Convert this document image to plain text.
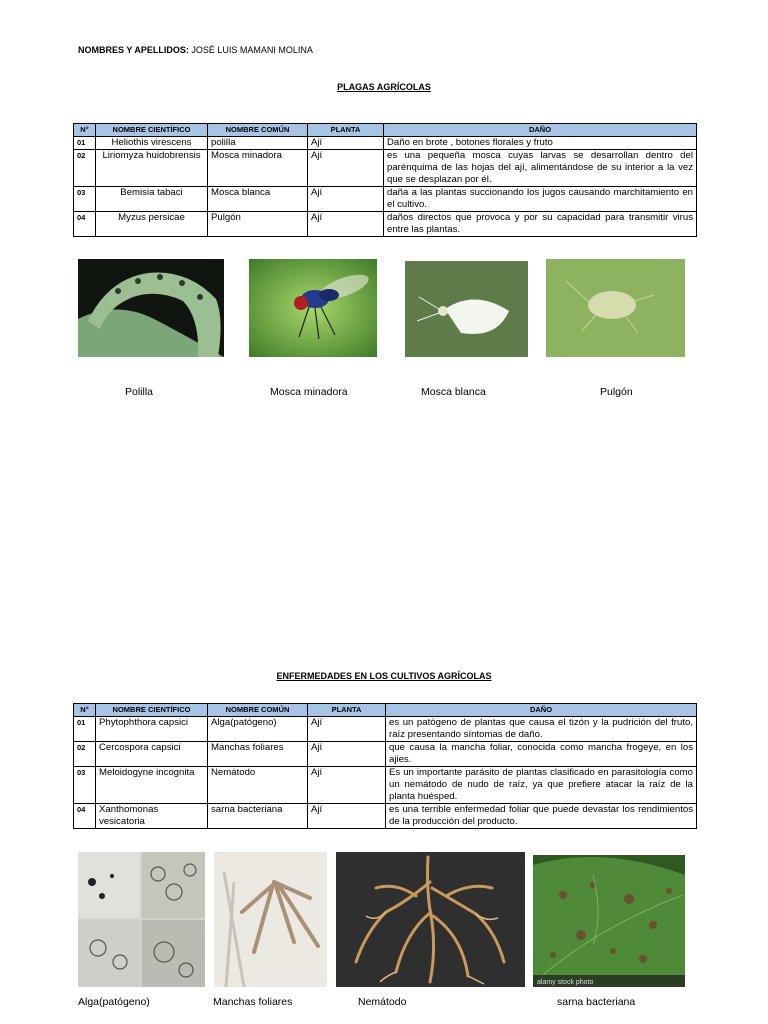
NOMBRES Y APELLIDOS: JOSÉ LUIS MAMANI MOLINA
PLAGAS AGRÍCOLAS
N°	NOMBRE CIENTÍFICO	NOMBRE COMÚN	PLANTA	DAÑO
01	Heliothis virescens	polilla	Ají	Daño en brote , botones florales y fruto
02	Liriomyza huidobrensis	Mosca minadora	Ají	es una pequeña mosca cuyas larvas se desarrollan dentro del parénquima de las hojas del ají, alimentándose de su interior a la vez que se desplazan por él.
03	Bemisia tabaci	Mosca blanca	Ají	daña a las plantas succionando los jugos causando marchitamiento en el cultivo.
04	Myzus persicae	Pulgón	Ají	daños directos que provoca y por su capacidad para transmitir virus entre las plantas.
Polilla	Mosca minadora	Mosca blanca	Pulgón
ENFERMEDADES EN LOS CULTIVOS AGRÍCOLAS
N°	NOMBRE CIENTÍFICO	NOMBRE COMÚN	PLANTA	DAÑO
01	Phytophthora capsici	Alga(patógeno)	Ají	es un patógeno de plantas que causa el tizón y la pudrición del fruto, raíz presentando síntomas de daño.
02	Cercospora capsici	Manchas foliares	Ají	que causa la mancha foliar, conocida como mancha frogeye, en los ajies.
03	Meloidogyne incognita	Nemátodo	Ají	Es un importante parásito de plantas clasificado en parasitología como un nemátodo de nudo de raíz, ya que prefiere atacar la raíz de la planta huésped.
04	Xanthomonas vesicatoria	sarna bacteriana	Ají	es una terrible enfermedad foliar que puede devastar los rendimientos de la producción del producto.
alamy stock photo
Alga(patógeno)	Manchas foliares	Nemátodo	sarna bacteriana
